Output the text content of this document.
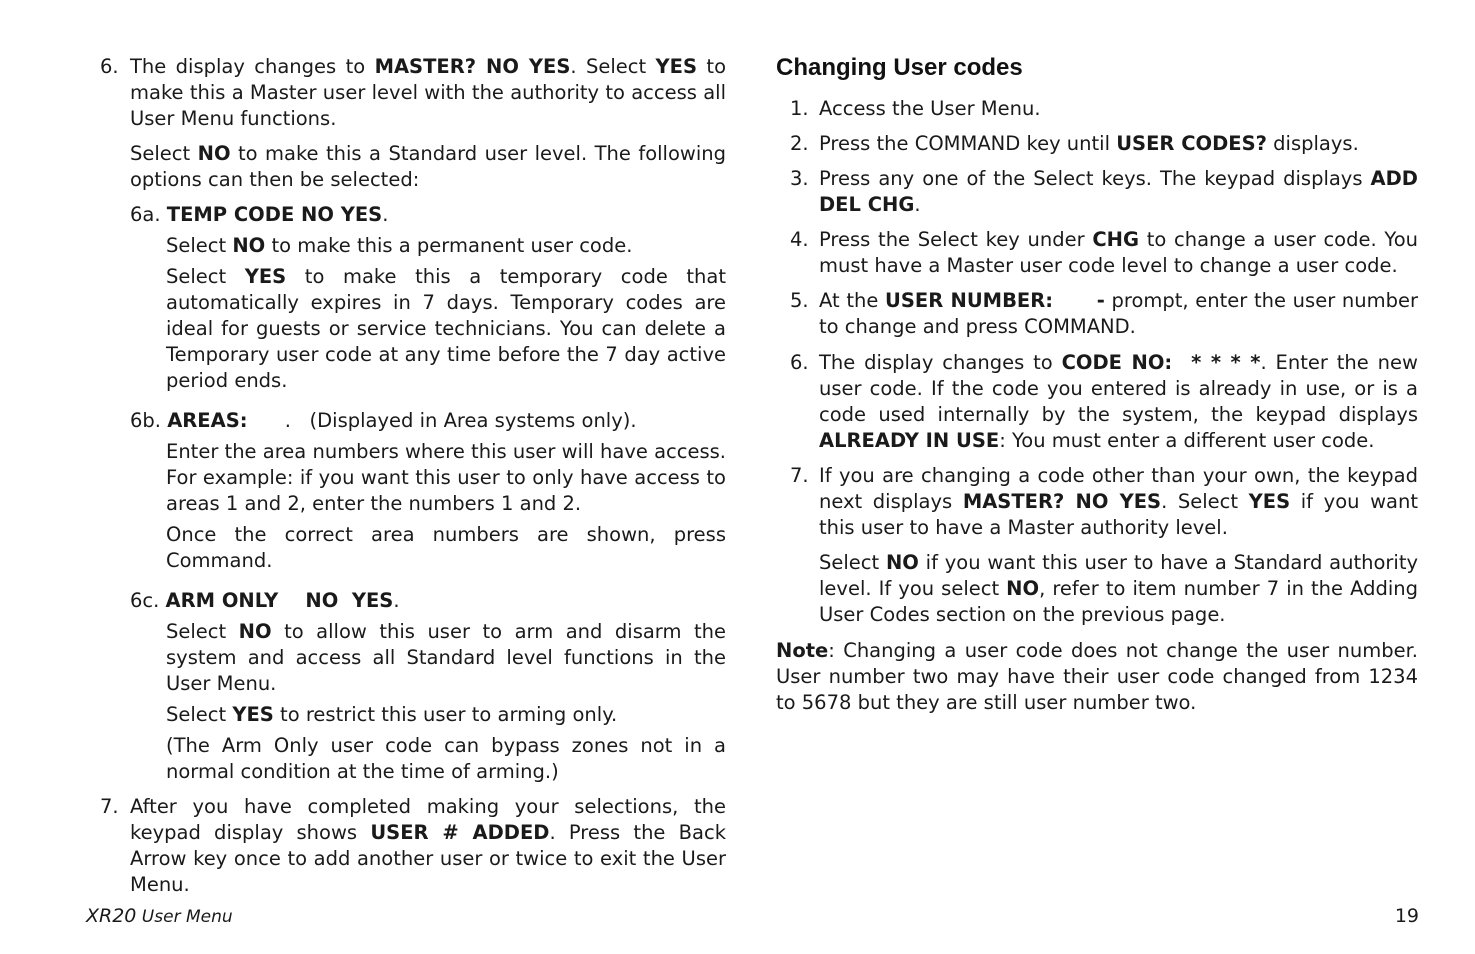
6. The display changes to MASTER? NO YES. Select YES to make this a Master user level with the authority to access all User Menu functions.

Select NO to make this a Standard user level. The following options can then be selected:

6a. TEMP CODE NO YES.

Select NO to make this a permanent user code.

Select YES to make this a temporary code that automatically expires in 7 days. Temporary codes are ideal for guests or service technicians. You can delete a Temporary user code at any time before the 7 day active period ends.

6b. AREAS:      .   (Displayed in Area systems only).

Enter the area numbers where this user will have access. For example: if you want this user to only have access to areas 1 and 2, enter the numbers 1 and 2.

Once the correct area numbers are shown, press Command.

6c. ARM ONLY    NO  YES.

Select NO to allow this user to arm and disarm the system and access all Standard level functions in the User Menu.

Select YES to restrict this user to arming only.

(The Arm Only user code can bypass zones not in a normal condition at the time of arming.)

7. After you have completed making your selections, the keypad display shows USER # ADDED. Press the Back Arrow key once to add another user or twice to exit the User Menu.

Changing User codes
1. Access the User Menu.

2. Press the COMMAND key until USER CODES? displays.

3. Press any one of the Select keys. The keypad displays ADD DEL CHG.

4. Press the Select key under CHG to change a user code. You must have a Master user code level to change a user code.

5. At the USER NUMBER:      - prompt, enter the user number to change and press COMMAND.

6. The display changes to CODE NO:  * * * *. Enter the new user code. If the code you entered is already in use, or is a code used internally by the system, the keypad displays ALREADY IN USE: You must enter a different user code.

7. If you are changing a code other than your own, the keypad next displays MASTER? NO YES. Select YES if you want this user to have a Master authority level.

Select NO if you want this user to have a Standard authority level. If you select NO, refer to item number 7 in the Adding User Codes section on the previous page.

Note: Changing a user code does not change the user number. User number two may have their user code changed from 1234 to 5678 but they are still user number two.

XR20 User Menu	19
